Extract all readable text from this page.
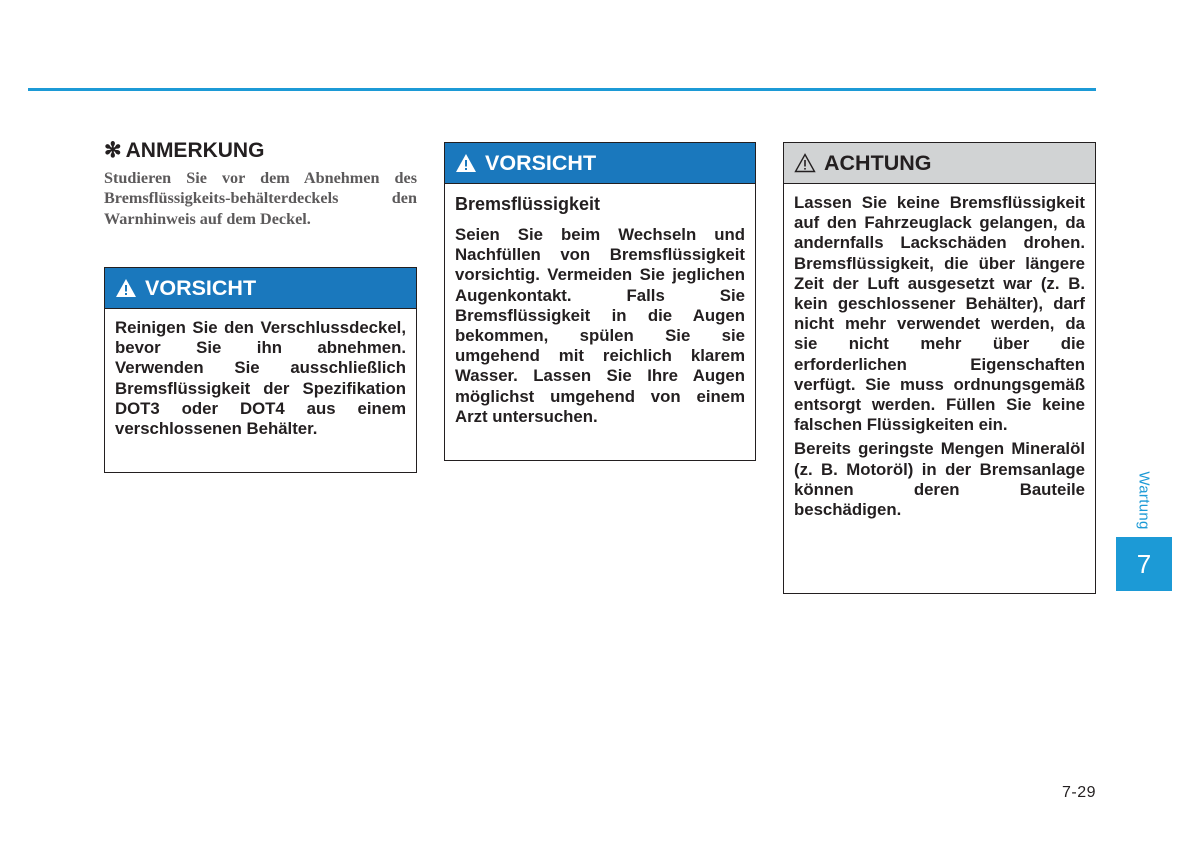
✻ ANMERKUNG

Studieren Sie vor dem Abnehmen des Bremsflüssigkeits-behälterdeckels den Warnhinweis auf dem Deckel.

VORSICHT

Reinigen Sie den Verschlussdeckel, bevor Sie ihn abnehmen. Verwenden Sie ausschließlich Bremsflüssigkeit der Spezifikation DOT3 oder DOT4 aus einem verschlossenen Behälter.

VORSICHT

Bremsflüssigkeit

Seien Sie beim Wechseln und Nachfüllen von Bremsflüssigkeit vorsichtig. Vermeiden Sie jeglichen Augenkontakt. Falls Sie Bremsflüssigkeit in die Augen bekommen, spülen Sie sie umgehend mit reichlich klarem Wasser. Lassen Sie Ihre Augen möglichst umgehend von einem Arzt untersuchen.

ACHTUNG

Lassen Sie keine Bremsflüssigkeit auf den Fahrzeuglack gelangen, da andernfalls Lackschäden drohen. Bremsflüssigkeit, die über längere Zeit der Luft ausgesetzt war (z. B. kein geschlossener Behälter), darf nicht mehr verwendet werden, da sie nicht mehr über die erforderlichen Eigenschaften verfügt. Sie muss ordnungsgemäß entsorgt werden. Füllen Sie keine falschen Flüssigkeiten ein.

Bereits geringste Mengen Mineralöl (z. B. Motoröl) in der Bremsanlage können deren Bauteile beschädigen.	Wartung
7
7-29
